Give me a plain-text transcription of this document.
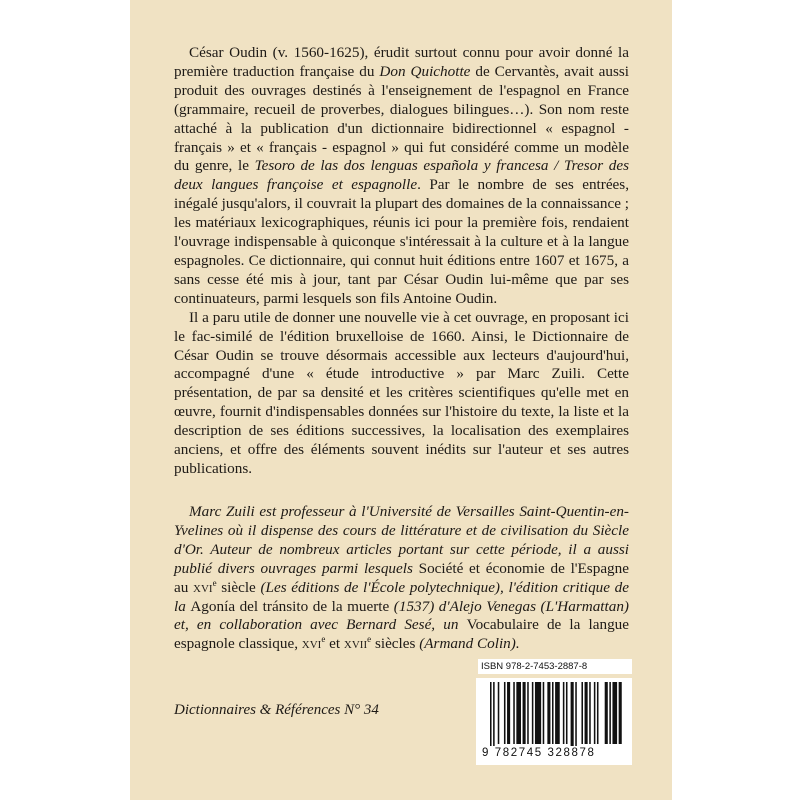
César Oudin (v. 1560-1625), érudit surtout connu pour avoir donné la première traduction française du Don Quichotte de Cervantès, avait aussi produit des ouvrages destinés à l'enseignement de l'espagnol en France (grammaire, recueil de proverbes, dialogues bilingues…). Son nom reste attaché à la publication d'un dictionnaire bidirectionnel « espagnol - français » et « français - espagnol » qui fut considéré comme un modèle du genre, le Tesoro de las dos lenguas española y francesa / Tresor des deux langues françoise et espagnolle. Par le nombre de ses entrées, inégalé jusqu'alors, il couvrait la plupart des domaines de la connaissance ; les matériaux lexicographiques, réunis ici pour la première fois, rendaient l'ouvrage indispensable à quiconque s'intéressait à la culture et à la langue espagnoles. Ce dictionnaire, qui connut huit éditions entre 1607 et 1675, a sans cesse été mis à jour, tant par César Oudin lui-même que par ses continuateurs, parmi lesquels son fils Antoine Oudin.

Il a paru utile de donner une nouvelle vie à cet ouvrage, en proposant ici le fac-similé de l'édition bruxelloise de 1660. Ainsi, le Dictionnaire de César Oudin se trouve désormais accessible aux lecteurs d'aujourd'hui, accompagné d'une « étude introductive » par Marc Zuili. Cette présentation, de par sa densité et les critères scientifiques qu'elle met en œuvre, fournit d'indispensables données sur l'histoire du texte, la liste et la description de ses éditions successives, la localisation des exemplaires anciens, et offre des éléments souvent inédits sur l'auteur et ses autres publications.

Marc Zuili est professeur à l'Université de Versailles Saint-Quentin-en-Yvelines où il dispense des cours de littérature et de civilisation du Siècle d'Or. Auteur de nombreux articles portant sur cette période, il a aussi publié divers ouvrages parmi lesquels Société et économie de l'Espagne au xvi$^e$ siècle (Les éditions de l'École polytechnique), l'édition critique de la Agonía del tránsito de la muerte (1537) d'Alejo Venegas (L'Harmattan) et, en collaboration avec Bernard Sesé, un Vocabulaire de la langue espagnole classique, xvi$^e$ et xvii$^e$ siècles (Armand Colin).

Dictionnaires & Références N° 34
ISBN 978-2-7453-2887-8
9 782745 328878
